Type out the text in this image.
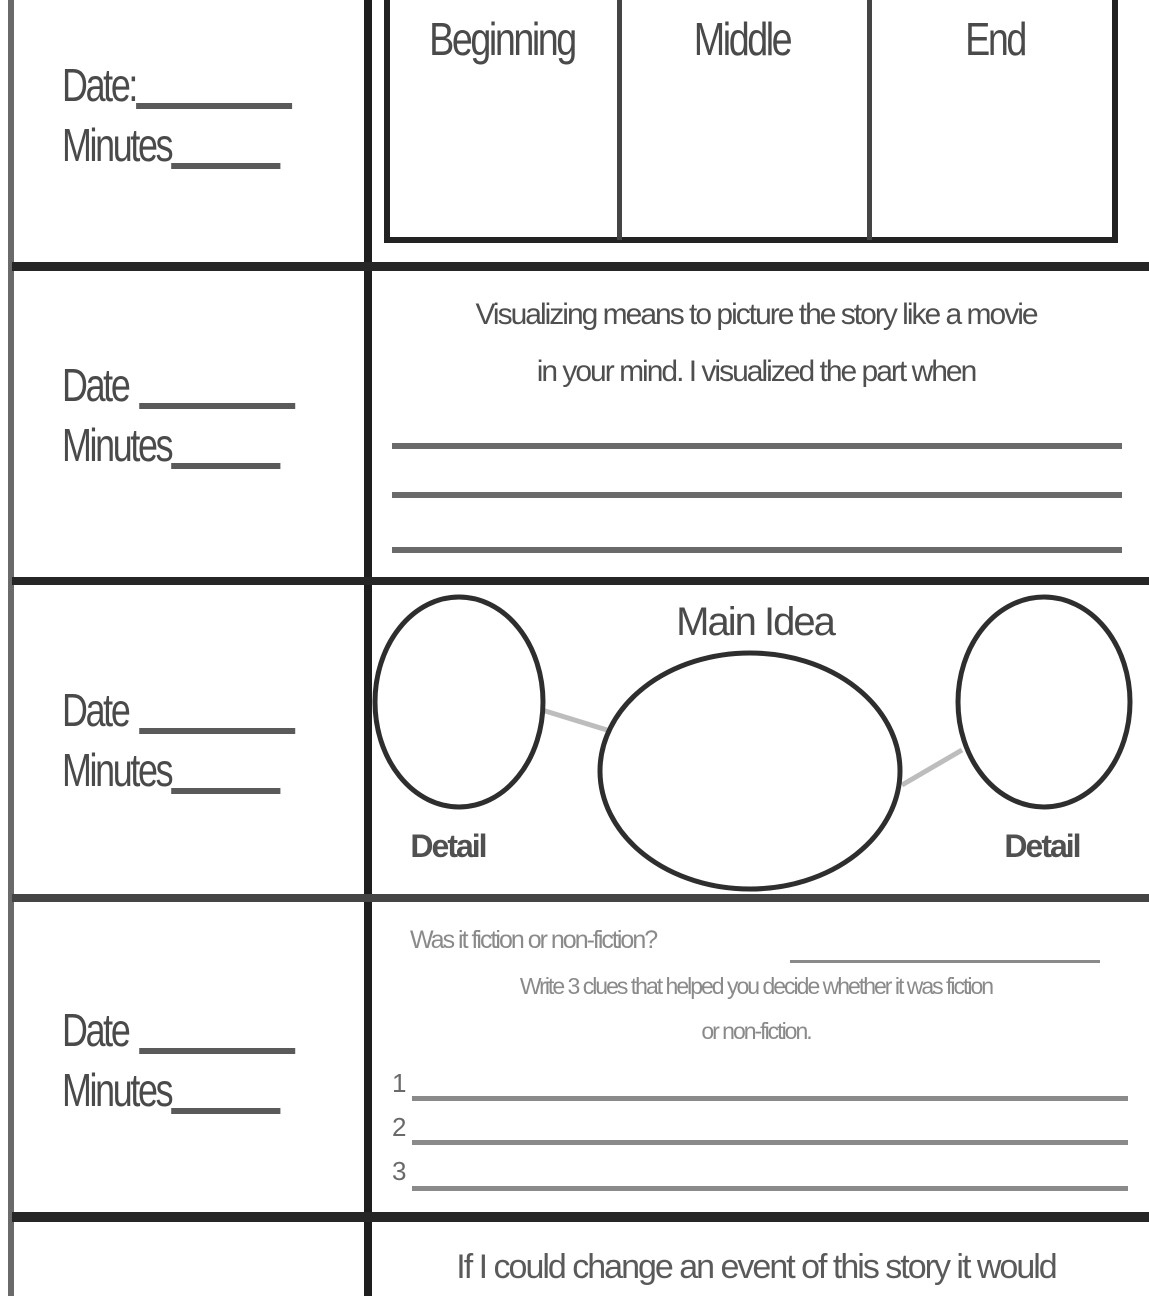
Date:
Minutes
Beginning	Middle	End
Date
Minutes
Visualizing means to picture the story like a movie
in your mind. I visualized the part when
Date
Minutes
Main Idea
Detail	Detail
Date
Minutes
Was it fiction or non-fiction?
Write 3 clues that helped you decide whether it was fiction
or non-fiction.
1
2
3
If I could change an event of this story it would
